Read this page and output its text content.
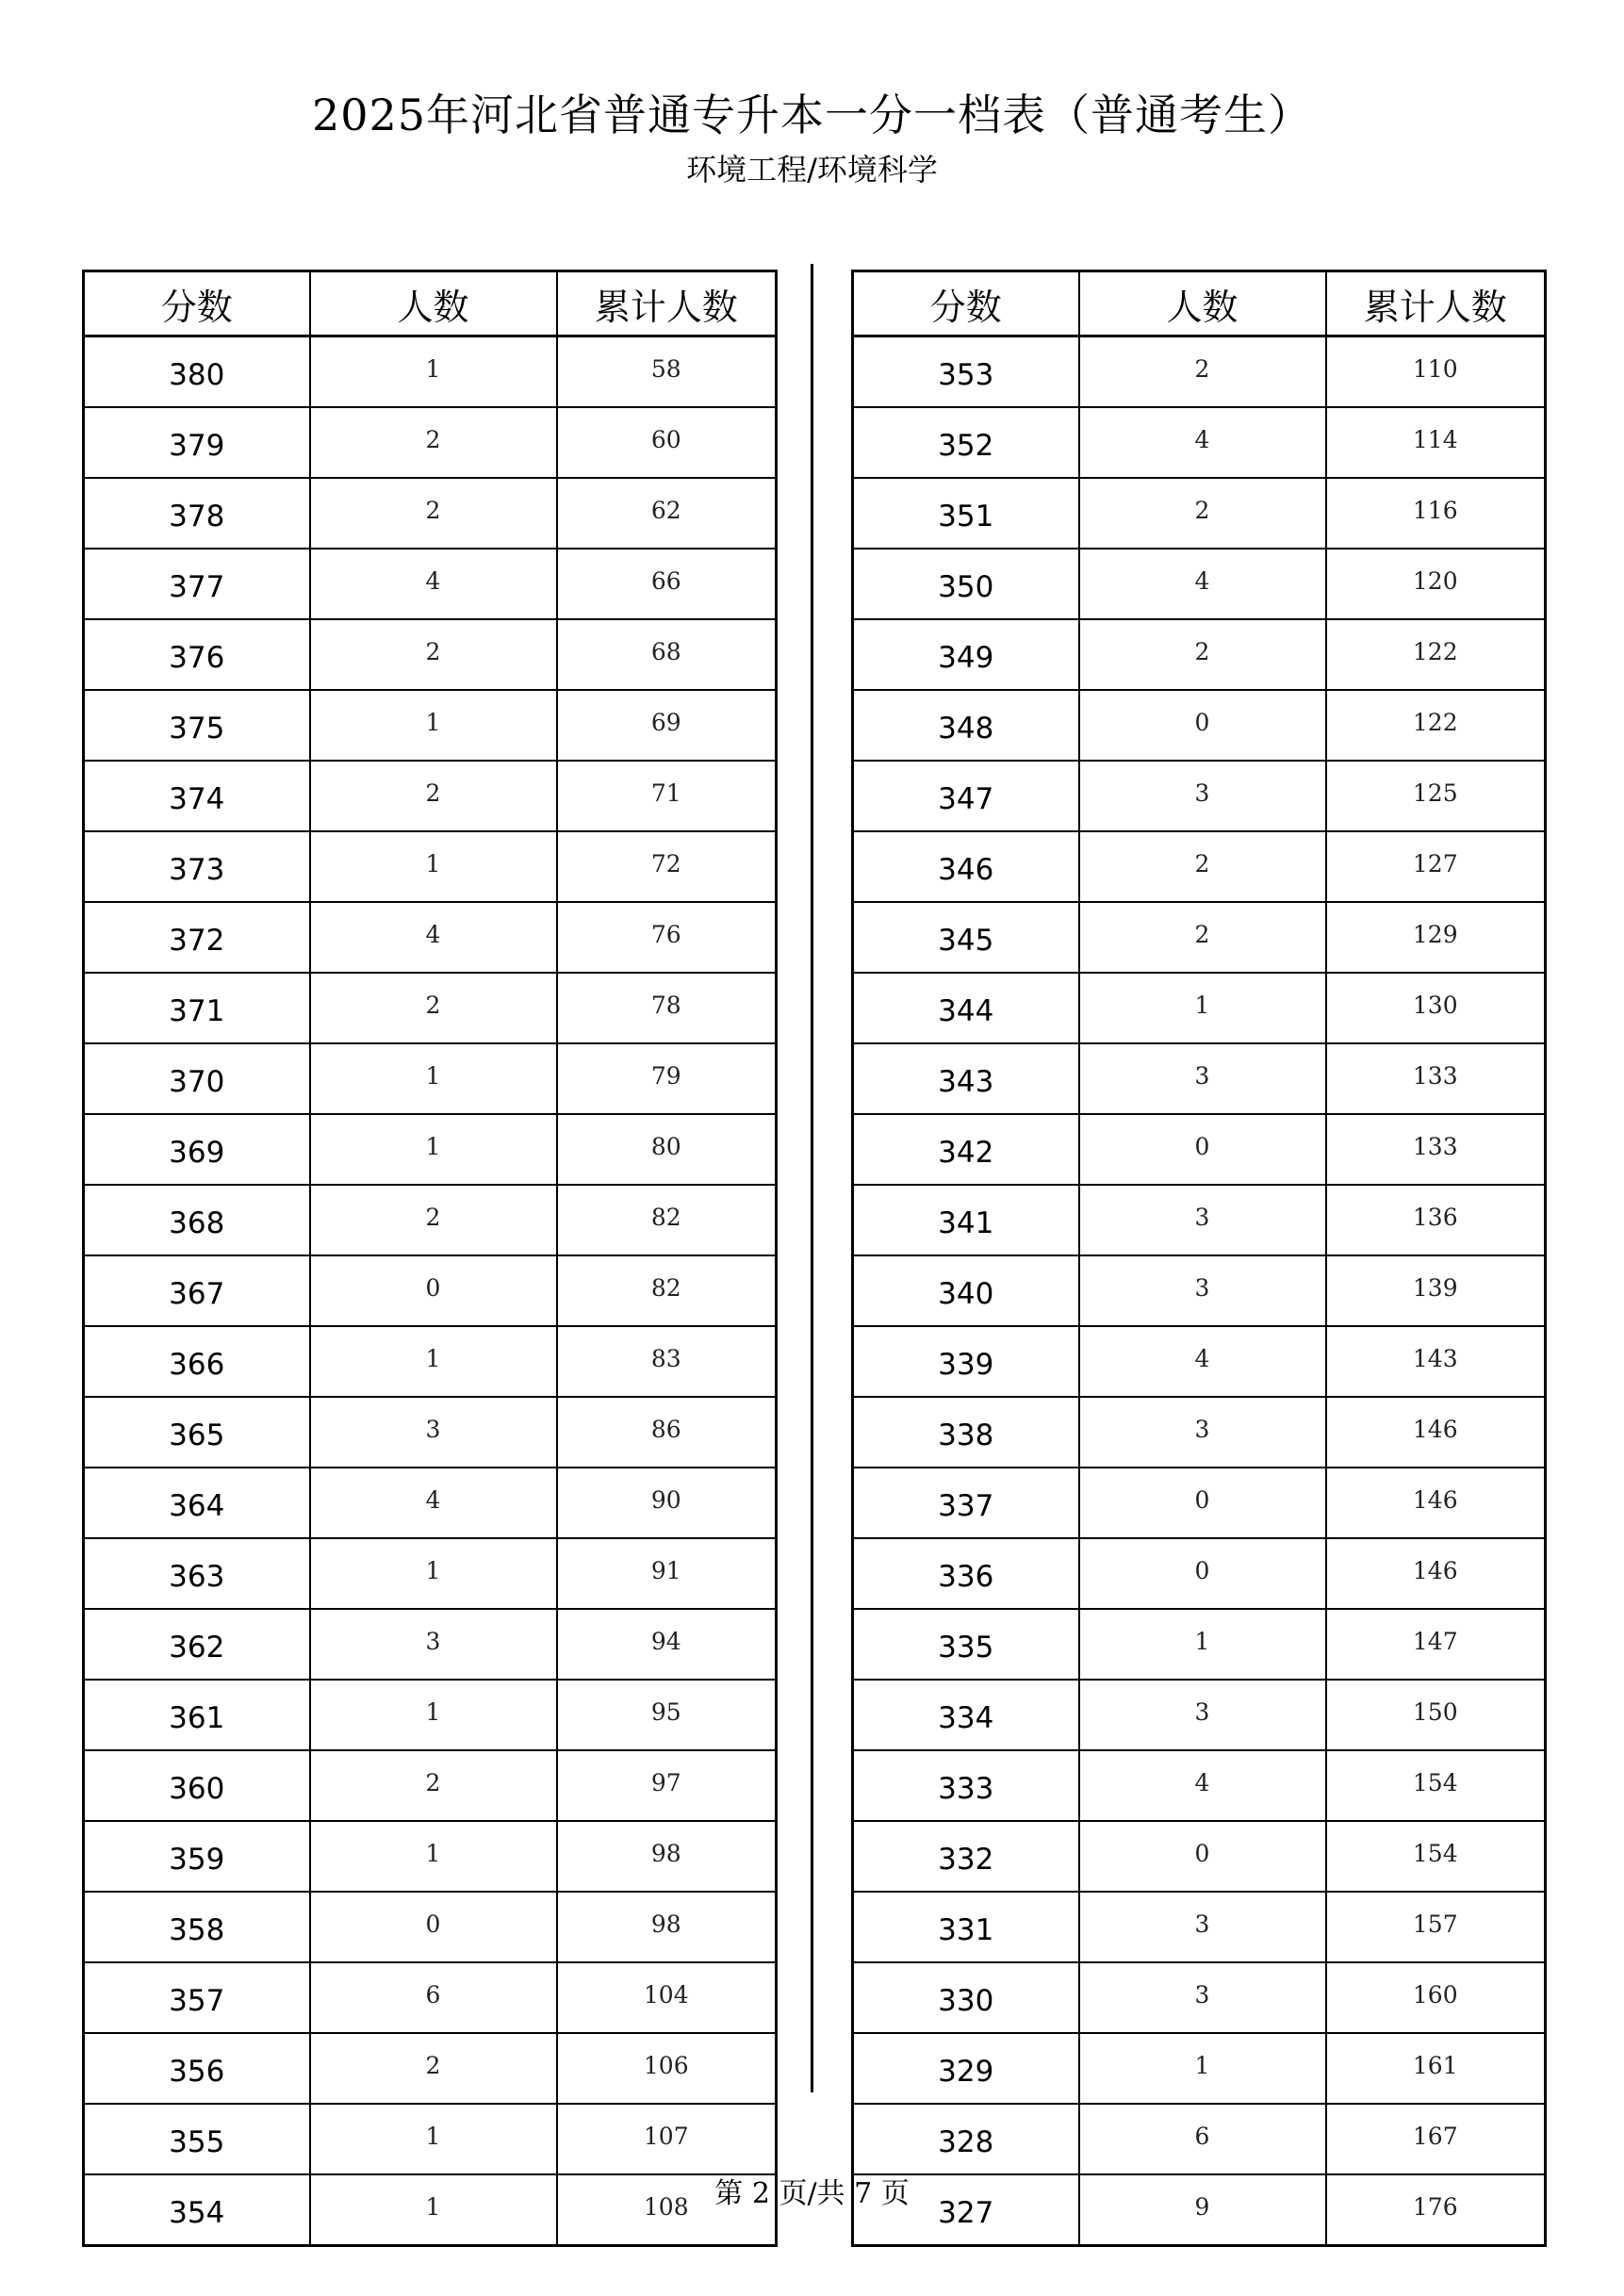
2025年河北省普通专升本一分一档表（普通考生）
环境工程/环境科学
分数	人数	累计人数
380	1	58
379	2	60
378	2	62
377	4	66
376	2	68
375	1	69
374	2	71
373	1	72
372	4	76
371	2	78
370	1	79
369	1	80
368	2	82
367	0	82
366	1	83
365	3	86
364	4	90
363	1	91
362	3	94
361	1	95
360	2	97
359	1	98
358	0	98
357	6	104
356	2	106
355	1	107
354	1	108
分数	人数	累计人数
353	2	110
352	4	114
351	2	116
350	4	120
349	2	122
348	0	122
347	3	125
346	2	127
345	2	129
344	1	130
343	3	133
342	0	133
341	3	136
340	3	139
339	4	143
338	3	146
337	0	146
336	0	146
335	1	147
334	3	150
333	4	154
332	0	154
331	3	157
330	3	160
329	1	161
328	6	167
327	9	176
第 2 页/共 7 页
